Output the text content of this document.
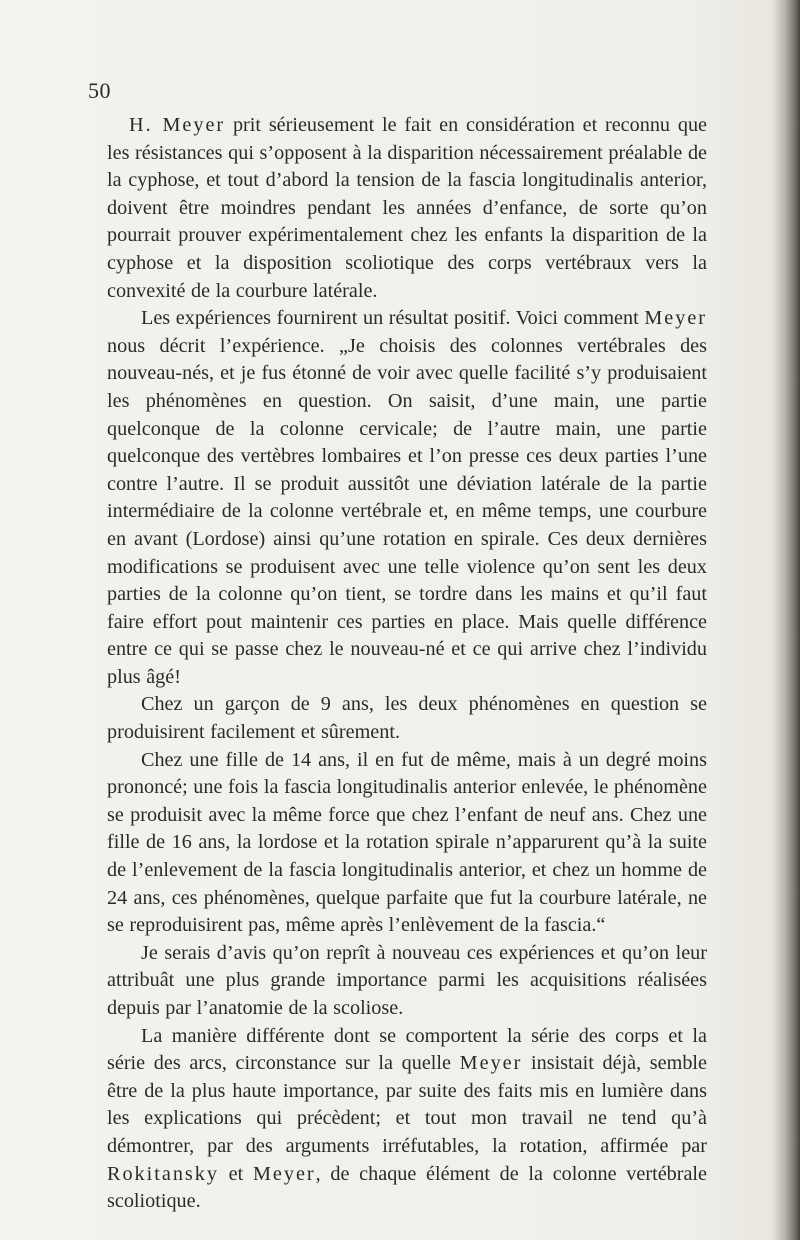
50

H. Meyer prit sérieusement le fait en considération et reconnu que les résistances qui s’opposent à la disparition nécessairement préalable de la cyphose, et tout d’abord la tension de la fascia longitudinalis anterior, doivent être moindres pendant les années d’enfance, de sorte qu’on pourrait prouver expérimentalement chez les enfants la disparition de la cyphose et la disposition scoliotique des corps vertébraux vers la convexité de la courbure latérale.

Les expériences fournirent un résultat positif. Voici comment Meyer nous décrit l’expérience. „Je choisis des colonnes vertébrales des nouveau-nés, et je fus étonné de voir avec quelle facilité s’y produisaient les phénomènes en question. On saisit, d’une main, une partie quelconque de la colonne cervicale; de l’autre main, une partie quelconque des vertèbres lombaires et l’on presse ces deux parties l’une contre l’autre. Il se produit aussitôt une déviation latérale de la partie intermédiaire de la colonne vertébrale et, en même temps, une courbure en avant (Lordose) ainsi qu’une rotation en spirale. Ces deux dernières modifications se produisent avec une telle violence qu’on sent les deux parties de la colonne qu’on tient, se tordre dans les mains et qu’il faut faire effort pout maintenir ces parties en place. Mais quelle différence entre ce qui se passe chez le nouveau-né et ce qui arrive chez l’individu plus âgé!

Chez un garçon de 9 ans, les deux phénomènes en question se produisirent facilement et sûrement.

Chez une fille de 14 ans, il en fut de même, mais à un degré moins prononcé; une fois la fascia longitudinalis anterior enlevée, le phénomène se produisit avec la même force que chez l’enfant de neuf ans. Chez une fille de 16 ans, la lordose et la rotation spirale n’apparurent qu’à la suite de l’enlevement de la fascia longitudinalis anterior, et chez un homme de 24 ans, ces phénomènes, quelque parfaite que fut la courbure latérale, ne se reproduisirent pas, même après l’enlèvement de la fascia.“

Je serais d’avis qu’on reprît à nouveau ces expériences et qu’on leur attribuât une plus grande importance parmi les acquisitions réalisées depuis par l’anatomie de la scoliose.

La manière différente dont se comportent la série des corps et la série des arcs, circonstance sur la quelle Meyer insistait déjà, semble être de la plus haute importance, par suite des faits mis en lumière dans les explications qui précèdent; et tout mon travail ne tend qu’à démontrer, par des arguments irréfutables, la rotation, affirmée par Rokitansky et Meyer, de chaque élément de la colonne vertébrale scoliotique.
